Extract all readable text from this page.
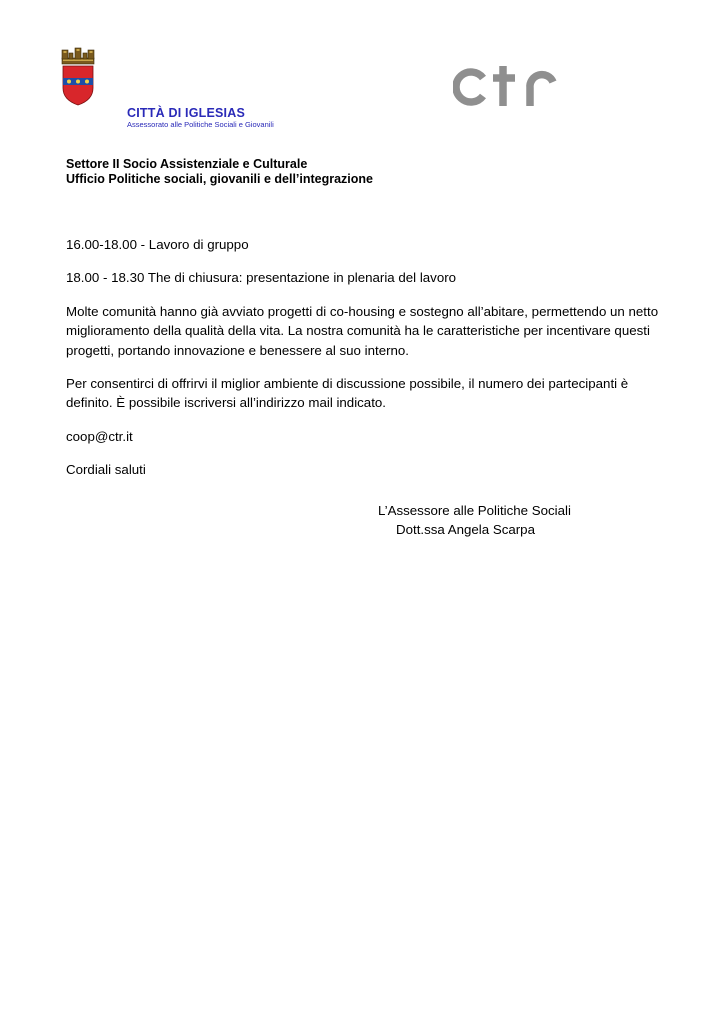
CITTÀ DI IGLESIAS
Assessorato alle Politiche Sociali e Giovanili
Settore II Socio Assistenziale e Culturale
Ufficio Politiche sociali, giovanili e dell’integrazione

16.00-18.00 - Lavoro di gruppo

18.00 - 18.30 The di chiusura: presentazione in plenaria del lavoro

Molte comunità hanno già avviato progetti di co-housing e sostegno all’abitare, permettendo un netto miglioramento della qualità della vita. La nostra comunità ha le caratteristiche per incentivare questi progetti, portando innovazione e benessere al suo interno.

Per consentirci di offrirvi il miglior ambiente di discussione possibile, il numero dei partecipanti è definito. È possibile iscriversi all’indirizzo mail indicato.

coop@ctr.it

Cordiali saluti

L’Assessore alle Politiche Sociali
Dott.ssa Angela Scarpa
